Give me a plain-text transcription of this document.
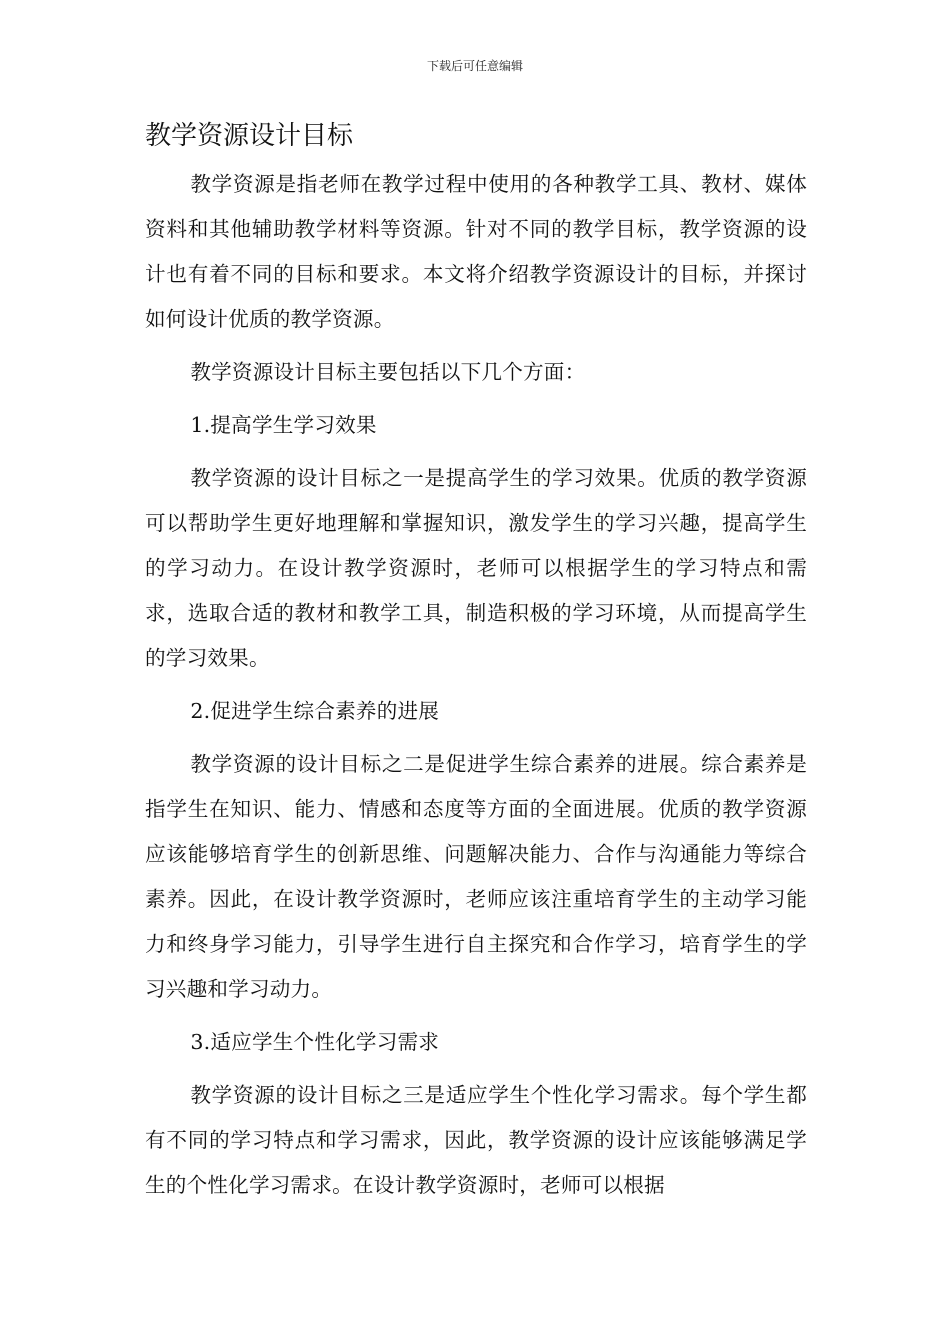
下载后可任意编辑
教学资源设计目标

教学资源是指老师在教学过程中使用的各种教学工具、教材、媒体资料和其他辅助教学材料等资源。针对不同的教学目标，教学资源的设计也有着不同的目标和要求。本文将介绍教学资源设计的目标，并探讨如何设计优质的教学资源。

教学资源设计目标主要包括以下几个方面：

1.提高学生学习效果

教学资源的设计目标之一是提高学生的学习效果。优质的教学资源可以帮助学生更好地理解和掌握知识，激发学生的学习兴趣，提高学生的学习动力。在设计教学资源时，老师可以根据学生的学习特点和需求，选取合适的教材和教学工具，制造积极的学习环境，从而提高学生的学习效果。

2.促进学生综合素养的进展

教学资源的设计目标之二是促进学生综合素养的进展。综合素养是指学生在知识、能力、情感和态度等方面的全面进展。优质的教学资源应该能够培育学生的创新思维、问题解决能力、合作与沟通能力等综合素养。因此，在设计教学资源时，老师应该注重培育学生的主动学习能力和终身学习能力，引导学生进行自主探究和合作学习，培育学生的学习兴趣和学习动力。

3.适应学生个性化学习需求

教学资源的设计目标之三是适应学生个性化学习需求。每个学生都有不同的学习特点和学习需求，因此，教学资源的设计应该能够满足学生的个性化学习需求。在设计教学资源时，老师可以根据
